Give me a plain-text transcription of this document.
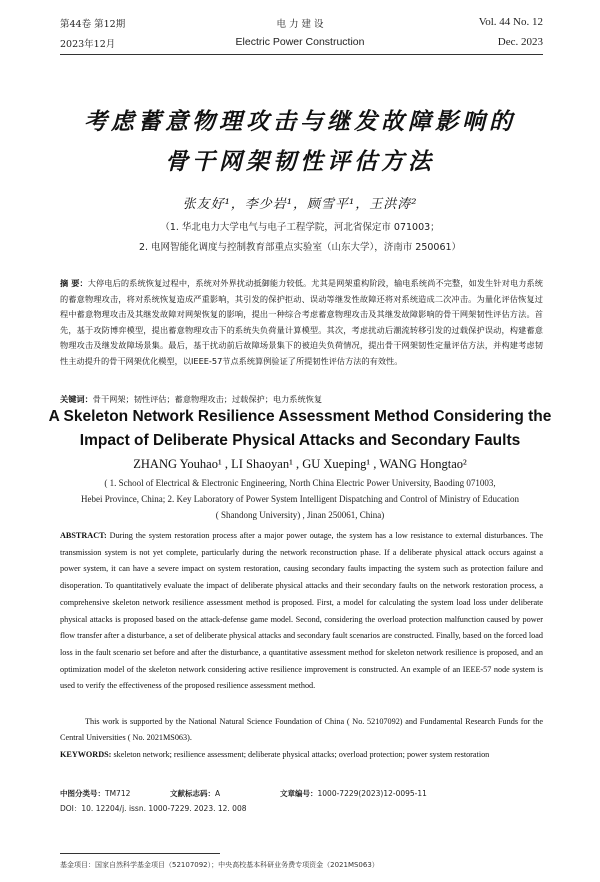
第44卷 第12期
2023年12月
电 力 建 设
Electric Power Construction
Vol. 44 No. 12
Dec. 2023
考虑蓄意物理攻击与继发故障影响的
骨干网架韧性评估方法
张友好¹，李少岩¹，顾雪平¹，王洪涛²
（1. 华北电力大学电气与电子工程学院，河北省保定市 071003；
2. 电网智能化调度与控制教育部重点实验室（山东大学），济南市 250061）
摘 要：大停电后的系统恢复过程中，系统对外界扰动抵御能力较低。尤其是网架重构阶段，输电系统尚不完整，如发生针对电力系统的蓄意物理攻击，将对系统恢复造成严重影响，其引发的保护拒动、误动等继发性故障还将对系统造成二次冲击。为量化评估恢复过程中蓄意物理攻击及其继发故障对网架恢复的影响，提出一种综合考虑蓄意物理攻击及其继发故障影响的骨干网架韧性评估方法。首先，基于攻防博弈模型，提出蓄意物理攻击下的系统失负荷量计算模型。其次，考虑扰动后潮流转移引发的过载保护误动，构建蓄意物理攻击及继发故障场景集。最后，基于扰动前后故障场景集下的被迫失负荷情况，提出骨干网架韧性定量评估方法，并构建考虑韧性主动提升的骨干网架优化模型，以IEEE-57节点系统算例验证了所提韧性评估方法的有效性。
关键词：骨干网架；韧性评估；蓄意物理攻击；过载保护；电力系统恢复
A Skeleton Network Resilience Assessment Method Considering the
Impact of Deliberate Physical Attacks and Secondary Faults
ZHANG Youhao¹ , LI Shaoyan¹ , GU Xueping¹ , WANG Hongtao²
( 1. School of Electrical & Electronic Engineering, North China Electric Power University, Baoding 071003,
Hebei Province, China; 2. Key Laboratory of Power System Intelligent Dispatching and Control of Ministry of Education
( Shandong University) , Jinan 250061, China)
ABSTRACT: During the system restoration process after a major power outage, the system has a low resistance to external disturbances. The transmission system is not yet complete, particularly during the network reconstruction phase. If a deliberate physical attack occurs against a power system, it can have a severe impact on system restoration, causing secondary faults impacting the system such as protection failure and disoperation. To quantitatively evaluate the impact of deliberate physical attacks and their secondary faults on the network restoration process, a comprehensive skeleton network resilience assessment method is proposed. First, a model for calculating the system load loss under deliberate physical attacks is proposed based on the attack-defense game model. Second, considering the overload protection malfunction caused by power flow transfer after a disturbance, a set of deliberate physical attacks and secondary fault scenarios are constructed. Finally, based on the forced load loss in the fault scenario set before and after the disturbance, a quantitative assessment method for skeleton network resilience is proposed, and an optimization model of the skeleton network considering active resilience improvement is constructed. An example of an IEEE-57 node system is used to verify the effectiveness of the proposed resilience assessment method.
This work is supported by the National Natural Science Foundation of China ( No. 52107092) and Fundamental Research Funds for the Central Universities ( No. 2021MS063).
KEYWORDS: skeleton network; resilience assessment; deliberate physical attacks; overload protection; power system restoration
中图分类号：TM712	文献标志码：A	文章编号：1000-7229(2023)12-0095-11
DOI：10. 12204/j. issn. 1000-7229. 2023. 12. 008
基金项目：国家自然科学基金项目（52107092）；中央高校基本科研业务费专项资金（2021MS063）
